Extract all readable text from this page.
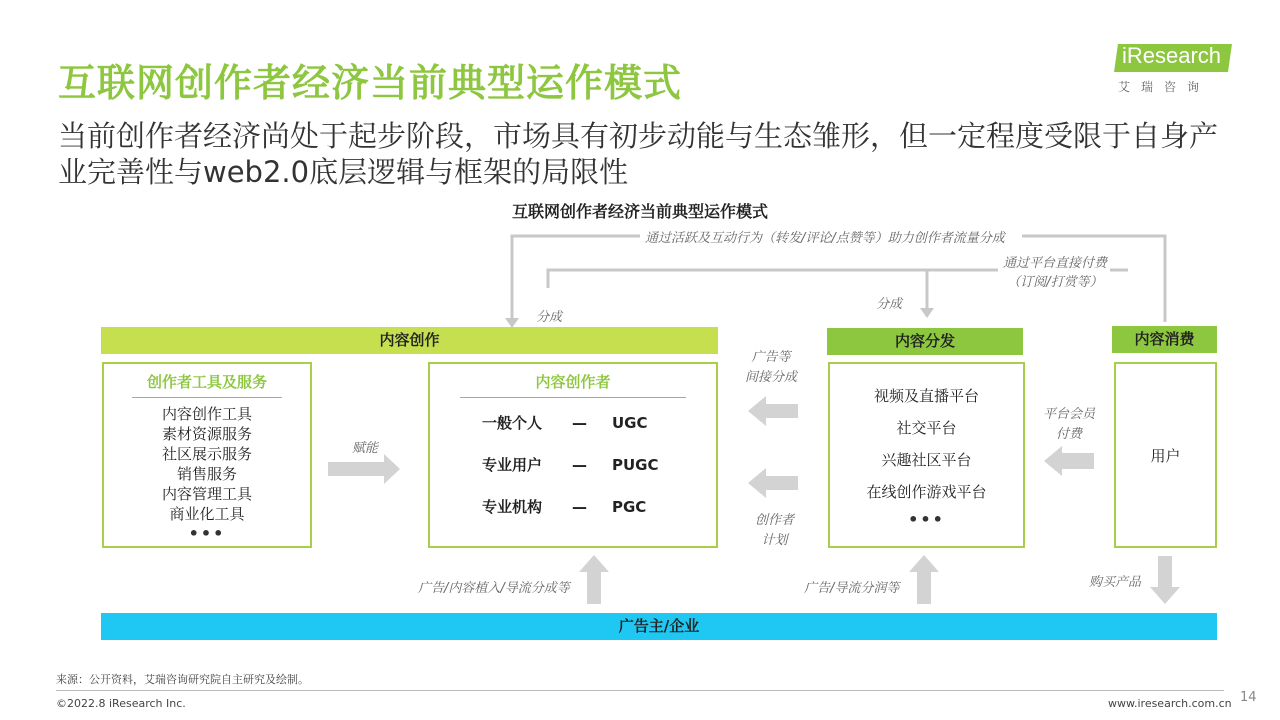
互联网创作者经济当前典型运作模式
当前创作者经济尚处于起步阶段，市场具有初步动能与生态雏形，但一定程度受限于自身产业完善性与web2.0底层逻辑与框架的局限性
iResearch
艾瑞咨询
互联网创作者经济当前典型运作模式
通过活跃及互动行为（转发/评论/点赞等）助力创作者流量分成
通过平台直接付费（订阅/打赏等）
分成
分成
内容创作	内容分发	内容消费
创作者工具及服务
内容创作工具
素材资源服务
社区展示服务
销售服务
内容管理工具
商业化工具
•••
赋能
内容创作者
一般个人 — UGC
专业用户 — PUGC
专业机构 — PGC
广告等
间接分成
创作者
计划
视频及直播平台
社交平台
兴趣社区平台
在线创作游戏平台
•••
平台会员
付费
用户
广告/内容植入/导流分成等	广告/导流分润等	购买产品
广告主/企业
来源：公开资料，艾瑞咨询研究院自主研究及绘制。
©2022.8 iResearch Inc.	www.iresearch.com.cn 14
